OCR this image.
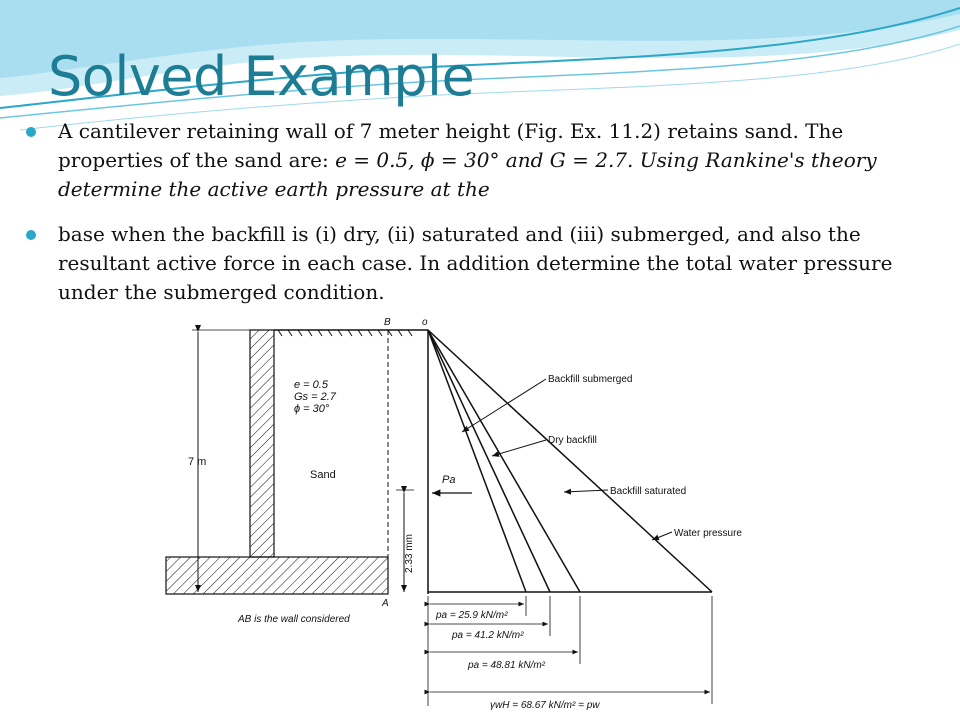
Solved Example
A cantilever retaining wall of 7 meter height (Fig. Ex. 11.2) retains sand. The properties of the sand are: e = 0.5, ϕ = 30° and G = 2.7. Using Rankine's theory determine the active earth pressure at the
base when the backfill is (i) dry, (ii) saturated and (iii) submerged, and also the resultant active force in each case. In addition determine the total water pressure under the submerged condition.
B	o
A
e = 0.5
Gs = 2.7
ϕ = 30°
7 m
Sand	Pa
2.33 mm
AB is the wall considered
Backfill submerged
Dry backfill
Backfill saturated
Water pressure
pa = 25.9 kN/m²
pa = 41.2 kN/m²
pa = 48.81 kN/m²
γwH = 68.67 kN/m² = pw
